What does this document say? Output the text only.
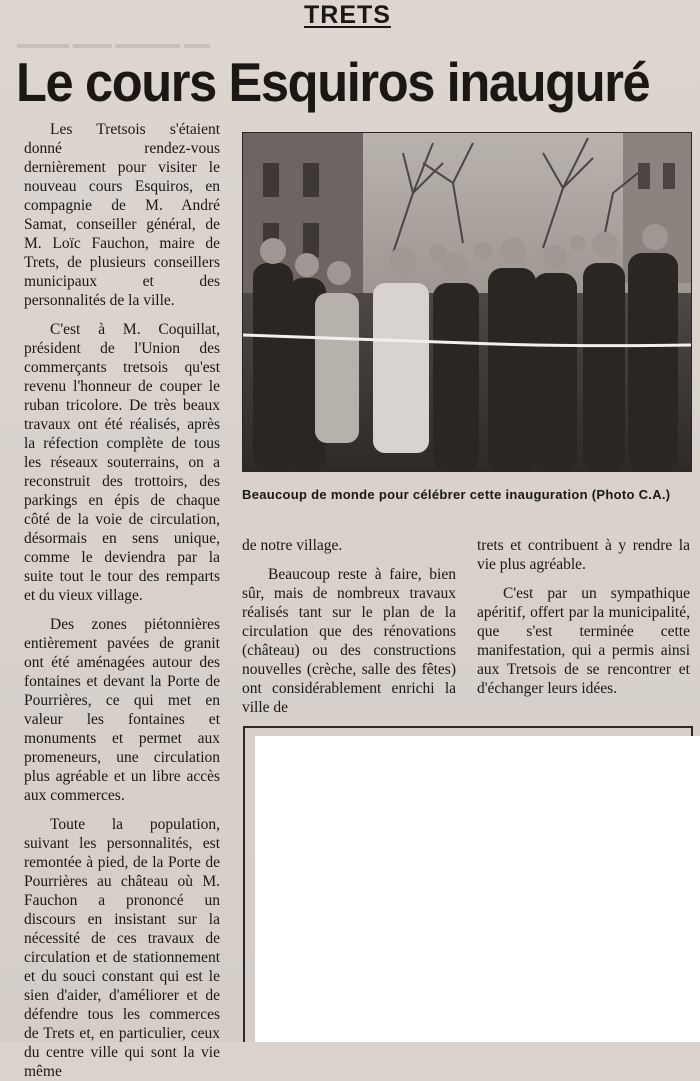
▬▬ ▬▬▬▬▬ ▬▬▬ ▬▬▬▬
TRETS
Le cours Esquiros inauguré

Les Tretsois s'étaient donné rendez-vous dernièrement pour visiter le nouveau cours Esquiros, en compagnie de M. André Samat, conseiller général, de M. Loïc Fauchon, maire de Trets, de plusieurs conseillers municipaux et des personnalités de la ville.

C'est à M. Coquillat, président de l'Union des commerçants tretsois qu'est revenu l'honneur de couper le ruban tricolore. De très beaux travaux ont été réalisés, après la réfection complète de tous les réseaux souterrains, on a reconstruit des trottoirs, des parkings en épis de chaque côté de la voie de circulation, désormais en sens unique, comme le deviendra par la suite tout le tour des remparts et du vieux village.

Des zones piétonnières entièrement pavées de granit ont été aménagées autour des fontaines et devant la Porte de Pourrières, ce qui met en valeur les fontaines et monuments et permet aux promeneurs, une circulation plus agréable et un libre accès aux commerces.

Toute la population, suivant les personnalités, est remontée à pied, de la Porte de Pourrières au château où M. Fauchon a prononcé un discours en insistant sur la nécessité de ces travaux de circulation et de stationnement et du souci constant qui est le sien d'aider, d'améliorer et de défendre tous les commerces de Trets et, en particulier, ceux du centre ville qui sont la vie même

Beaucoup de monde pour célébrer cette inauguration (Photo C.A.)

de notre village.

Beaucoup reste à faire, bien sûr, mais de nombreux travaux réalisés tant sur le plan de la circulation que des rénovations (château) ou des constructions nouvelles (crèche, salle des fêtes) ont considérablement enrichi la ville de

trets et contribuent à y rendre la vie plus agréable.

C'est par un sympathique apéritif, offert par la municipalité, que s'est terminée cette manifestation, qui a permis ainsi aux Tretsois de se rencontrer et d'échanger leurs idées.
